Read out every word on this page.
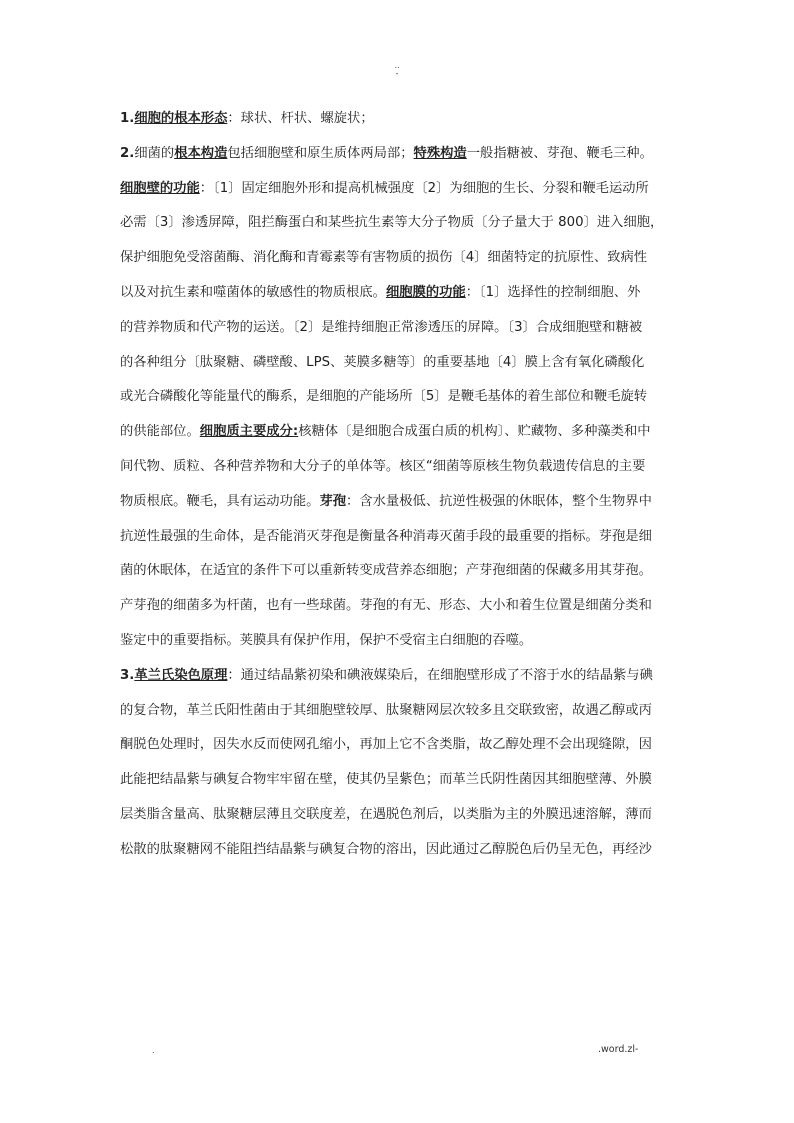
..
-
1.细胞的根本形态：球状、杆状、螺旋状；
2.细菌的根本构造包括细胞壁和原生质体两局部；特殊构造一般指糖被、芽孢、鞭毛三种。
细胞壁的功能：〔1〕固定细胞外形和提高机械强度〔2〕为细胞的生长、分裂和鞭毛运动所
必需〔3〕渗透屏障，阻拦酶蛋白和某些抗生素等大分子物质〔分子量大于 800〕进入细胞，
保护细胞免受溶菌酶、消化酶和青霉素等有害物质的损伤〔4〕细菌特定的抗原性、致病性
以及对抗生素和噬菌体的敏感性的物质根底。细胞膜的功能：〔1〕选择性的控制细胞、外
的营养物质和代产物的运送。〔2〕是维持细胞正常渗透压的屏障。〔3〕合成细胞壁和糖被
的各种组分〔肽聚糖、磷壁酸、LPS、荚膜多糖等〕的重要基地〔4〕膜上含有氧化磷酸化
或光合磷酸化等能量代的酶系，是细胞的产能场所〔5〕是鞭毛基体的着生部位和鞭毛旋转
的供能部位。细胞质主要成分:核糖体〔是细胞合成蛋白质的机构〕、贮藏物、多种藻类和中
间代物、质粒、各种营养物和大分子的单体等。核区“细菌等原核生物负载遗传信息的主要
物质根底。鞭毛，具有运动功能。芽孢：含水量极低、抗逆性极强的休眠体，整个生物界中
抗逆性最强的生命体，是否能消灭芽孢是衡量各种消毒灭菌手段的最重要的指标。芽孢是细
菌的休眠体，在适宜的条件下可以重新转变成营养态细胞；产芽孢细菌的保藏多用其芽孢。
产芽孢的细菌多为杆菌，也有一些球菌。芽孢的有无、形态、大小和着生位置是细菌分类和
鉴定中的重要指标。荚膜具有保护作用，保护不受宿主白细胞的吞噬。
3.革兰氏染色原理：通过结晶紫初染和碘液媒染后，在细胞壁形成了不溶于水的结晶紫与碘
的复合物，革兰氏阳性菌由于其细胞壁较厚、肽聚糖网层次较多且交联致密，故遇乙醇或丙
酮脱色处理时，因失水反而使网孔缩小，再加上它不含类脂，故乙醇处理不会出现缝隙，因
此能把结晶紫与碘复合物牢牢留在壁，使其仍呈紫色；而革兰氏阴性菌因其细胞壁薄、外膜
层类脂含量高、肽聚糖层薄且交联度差，在遇脱色剂后，以类脂为主的外膜迅速溶解，薄而
松散的肽聚糖网不能阻挡结晶紫与碘复合物的溶出，因此通过乙醇脱色后仍呈无色，再经沙
.	.word.zl-
